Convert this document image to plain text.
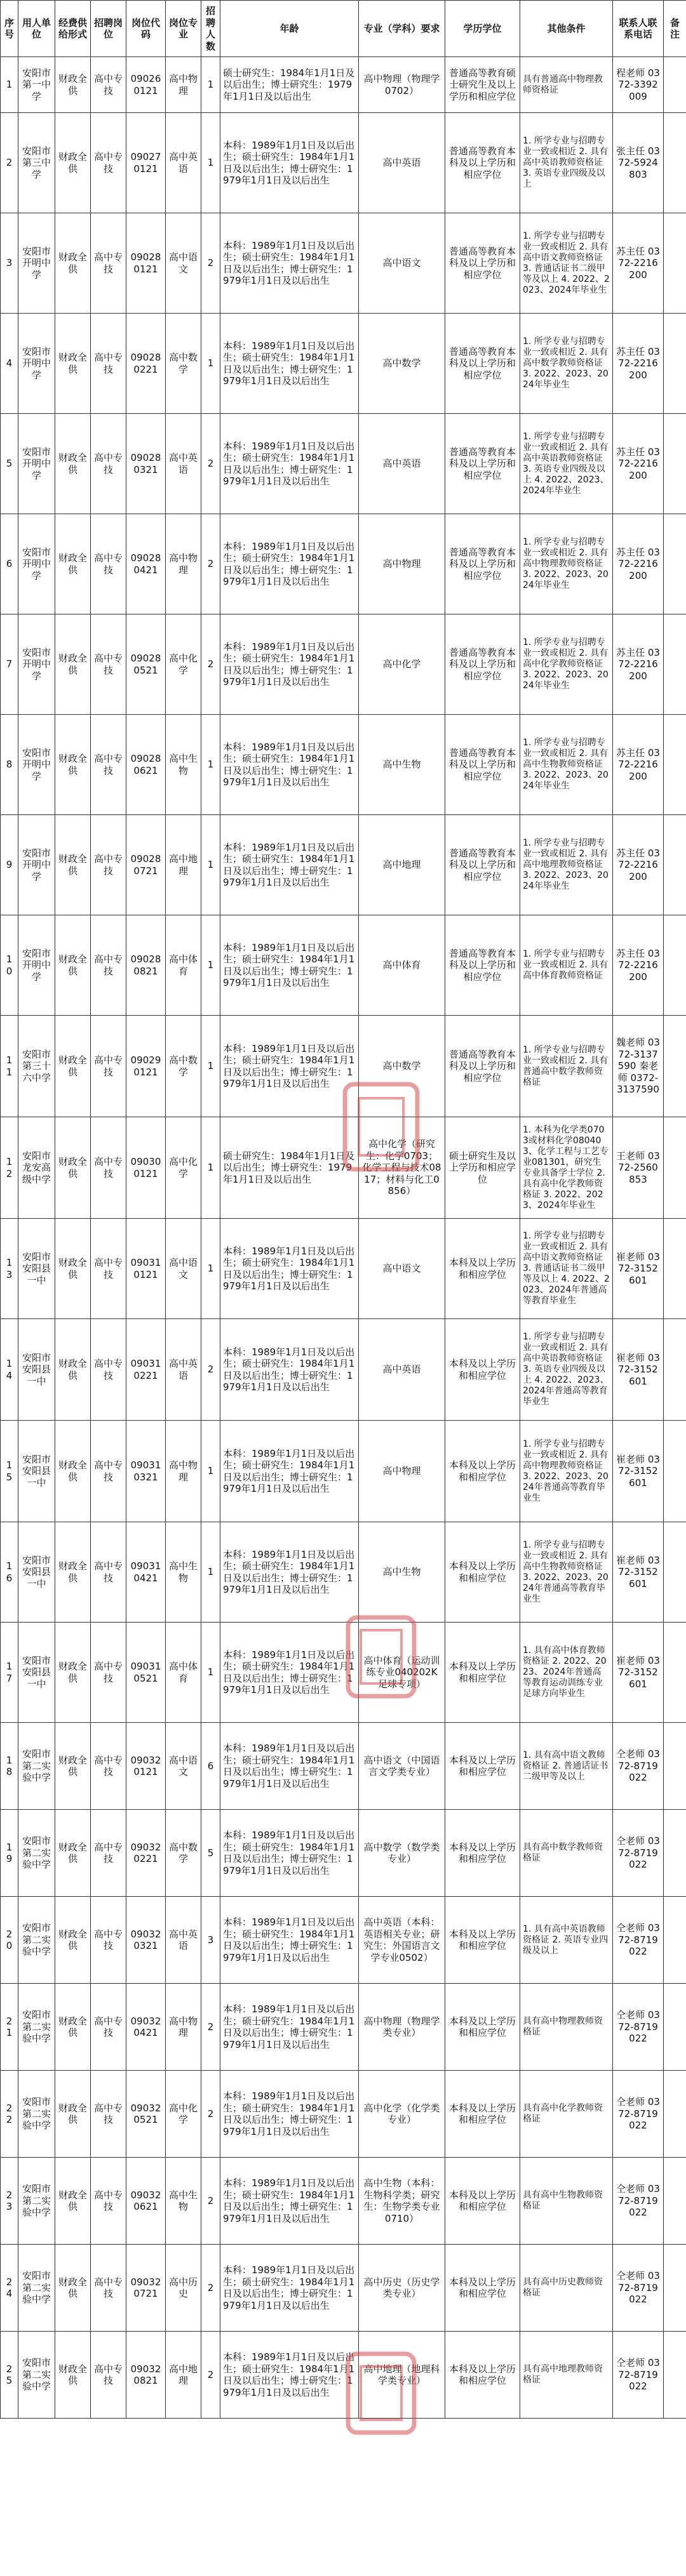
序号	用人单位	经费供给形式	招聘岗位	岗位代码	岗位专业	招聘人数	年龄	专业（学科）要求	学历学位	其他条件	联系人联系电话	备注
1	安阳市第一中学	财政全供	高中专技	09026 0121	高中物理	1	硕士研究生：1984年1月1日及以后出生；博士研究生：1979年1月1日及以后出生	高中物理（物理学0702）	普通高等教育硕士研究生及以上学历和相应学位	具有普通高中物理教师资格证	程老师 0372-3392009	
2	安阳市第三中学	财政全供	高中专技	09027 0121	高中英语	1	本科：1989年1月1日及以后出生；硕士研究生：1984年1月1日及以后出生；博士研究生：1979年1月1日及以后出生	高中英语	普通高等教育本科及以上学历和相应学位	1. 所学专业与招聘专业一致或相近 2. 具有高中英语教师资格证 3. 英语专业四级及以上	张主任 0372-5924803	
3	安阳市开明中学	财政全供	高中专技	09028 0121	高中语文	2	本科：1989年1月1日及以后出生；硕士研究生：1984年1月1日及以后出生；博士研究生：1979年1月1日及以后出生	高中语文	普通高等教育本科及以上学历和相应学位	1. 所学专业与招聘专业一致或相近 2. 具有高中语文教师资格证 3. 普通话证书二级甲等及以上 4. 2022、2023、2024年毕业生	苏主任 0372-2216200	
4	安阳市开明中学	财政全供	高中专技	09028 0221	高中数学	1	本科：1989年1月1日及以后出生；硕士研究生：1984年1月1日及以后出生；博士研究生：1979年1月1日及以后出生	高中数学	普通高等教育本科及以上学历和相应学位	1. 所学专业与招聘专业一致或相近 2. 具有高中数学教师资格证 3. 2022、2023、2024年毕业生	苏主任 0372-2216200	
5	安阳市开明中学	财政全供	高中专技	09028 0321	高中英语	2	本科：1989年1月1日及以后出生；硕士研究生：1984年1月1日及以后出生；博士研究生：1979年1月1日及以后出生	高中英语	普通高等教育本科及以上学历和相应学位	1. 所学专业与招聘专业一致或相近 2. 具有高中英语教师资格证 3. 英语专业四级及以上 4. 2022、2023、2024年毕业生	苏主任 0372-2216200	
6	安阳市开明中学	财政全供	高中专技	09028 0421	高中物理	2	本科：1989年1月1日及以后出生；硕士研究生：1984年1月1日及以后出生；博士研究生：1979年1月1日及以后出生	高中物理	普通高等教育本科及以上学历和相应学位	1. 所学专业与招聘专业一致或相近 2. 具有高中物理教师资格证 3. 2022、2023、2024年毕业生	苏主任 0372-2216200	
7	安阳市开明中学	财政全供	高中专技	09028 0521	高中化学	2	本科：1989年1月1日及以后出生；硕士研究生：1984年1月1日及以后出生；博士研究生：1979年1月1日及以后出生	高中化学	普通高等教育本科及以上学历和相应学位	1. 所学专业与招聘专业一致或相近 2. 具有高中化学教师资格证 3. 2022、2023、2024年毕业生	苏主任 0372-2216200	
8	安阳市开明中学	财政全供	高中专技	09028 0621	高中生物	1	本科：1989年1月1日及以后出生；硕士研究生：1984年1月1日及以后出生；博士研究生：1979年1月1日及以后出生	高中生物	普通高等教育本科及以上学历和相应学位	1. 所学专业与招聘专业一致或相近 2. 具有高中生物教师资格证 3. 2022、2023、2024年毕业生	苏主任 0372-2216200	
9	安阳市开明中学	财政全供	高中专技	09028 0721	高中地理	1	本科：1989年1月1日及以后出生；硕士研究生：1984年1月1日及以后出生；博士研究生：1979年1月1日及以后出生	高中地理	普通高等教育本科及以上学历和相应学位	1. 所学专业与招聘专业一致或相近 2. 具有高中地理教师资格证 3. 2022、2023、2024年毕业生	苏主任 0372-2216200	
10	安阳市开明中学	财政全供	高中专技	09028 0821	高中体育	1	本科：1989年1月1日及以后出生；硕士研究生：1984年1月1日及以后出生；博士研究生：1979年1月1日及以后出生	高中体育	普通高等教育本科及以上学历和相应学位	1. 所学专业与招聘专业一致或相近 2. 具有高中体育教师资格证	苏主任 0372-2216200	
11	安阳市第三十六中学	财政全供	高中专技	09029 0121	高中数学	1	本科：1989年1月1日及以后出生；硕士研究生：1984年1月1日及以后出生；博士研究生：1979年1月1日及以后出生	高中数学	普通高等教育本科及以上学历和相应学位	1. 所学专业与招聘专业一致或相近 2. 具有普通高中数学教师资格证	魏老师 0372-3137590 秦老师 0372-3137590	
12	安阳市龙安高级中学	财政全供	高中专技	09030 0121	高中化学	1	硕士研究生：1984年1月1日及以后出生；博士研究生：1979年1月1日及以后出生	高中化学（研究生：化学0703；化学工程与技术0817；材料与化工0856）	硕士研究生及以上学历和相应学位	1. 本科为化学类0703或材料化学080403、化学工程与工艺专业081301，研究生专业具备学士学位 2. 具有高中化学教师资格证 3. 2022、2023、2024年毕业生	王老师 0372-2560853	
13	安阳市安阳县一中	财政全供	高中专技	09031 0121	高中语文	1	本科：1989年1月1日及以后出生；硕士研究生：1984年1月1日及以后出生；博士研究生：1979年1月1日及以后出生	高中语文	本科及以上学历和相应学位	1. 所学专业与招聘专业一致或相近 2. 具有高中语文教师资格证 3. 普通话证书二级甲等及以上 4. 2022、2023、2024年普通高等教育毕业生	崔老师 0372-3152601	
14	安阳市安阳县一中	财政全供	高中专技	09031 0221	高中英语	2	本科：1989年1月1日及以后出生；硕士研究生：1984年1月1日及以后出生；博士研究生：1979年1月1日及以后出生	高中英语	本科及以上学历和相应学位	1. 所学专业与招聘专业一致或相近 2. 具有高中英语教师资格证 3. 英语专业四级及以上 4. 2022、2023、2024年普通高等教育毕业生	崔老师 0372-3152601	
15	安阳市安阳县一中	财政全供	高中专技	09031 0321	高中物理	1	本科：1989年1月1日及以后出生；硕士研究生：1984年1月1日及以后出生；博士研究生：1979年1月1日及以后出生	高中物理	本科及以上学历和相应学位	1. 所学专业与招聘专业一致或相近 2. 具有高中物理教师资格证 3. 2022、2023、2024年普通高等教育毕业生	崔老师 0372-3152601	
16	安阳市安阳县一中	财政全供	高中专技	09031 0421	高中生物	1	本科：1989年1月1日及以后出生；硕士研究生：1984年1月1日及以后出生；博士研究生：1979年1月1日及以后出生	高中生物	本科及以上学历和相应学位	1. 所学专业与招聘专业一致或相近 2. 具有高中生物教师资格证 3. 2022、2023、2024年普通高等教育毕业生	崔老师 0372-3152601	
17	安阳市安阳县一中	财政全供	高中专技	09031 0521	高中体育	1	本科：1989年1月1日及以后出生；硕士研究生：1984年1月1日及以后出生；博士研究生：1979年1月1日及以后出生	高中体育（运动训练专业040202K足球专项）	本科及以上学历和相应学位	1. 具有高中体育教师资格证 2. 2022、2023、2024年普通高等教育运动训练专业足球方向毕业生	崔老师 0372-3152601	
18	安阳市第二实验中学	财政全供	高中专技	09032 0121	高中语文	6	本科：1989年1月1日及以后出生；硕士研究生：1984年1月1日及以后出生；博士研究生：1979年1月1日及以后出生	高中语文（中国语言文学类专业）	本科及以上学历和相应学位	1. 具有高中语文教师资格证 2. 普通话证书二级甲等及以上	仝老师 0372-8719022	
19	安阳市第二实验中学	财政全供	高中专技	09032 0221	高中数学	5	本科：1989年1月1日及以后出生；硕士研究生：1984年1月1日及以后出生；博士研究生：1979年1月1日及以后出生	高中数学（数学类专业）	本科及以上学历和相应学位	具有高中数学教师资格证	仝老师 0372-8719022	
20	安阳市第二实验中学	财政全供	高中专技	09032 0321	高中英语	3	本科：1989年1月1日及以后出生；硕士研究生：1984年1月1日及以后出生；博士研究生：1979年1月1日及以后出生	高中英语（本科：英语相关专业；研究生：外国语言文学专业0502）	本科及以上学历和相应学位	1. 具有高中英语教师资格证 2. 英语专业四级及以上	仝老师 0372-8719022	
21	安阳市第二实验中学	财政全供	高中专技	09032 0421	高中物理	2	本科：1989年1月1日及以后出生；硕士研究生：1984年1月1日及以后出生；博士研究生：1979年1月1日及以后出生	高中物理（物理学类专业）	本科及以上学历和相应学位	具有高中物理教师资格证	仝老师 0372-8719022	
22	安阳市第二实验中学	财政全供	高中专技	09032 0521	高中化学	2	本科：1989年1月1日及以后出生；硕士研究生：1984年1月1日及以后出生；博士研究生：1979年1月1日及以后出生	高中化学（化学类专业）	本科及以上学历和相应学位	具有高中化学教师资格证	仝老师 0372-8719022	
23	安阳市第二实验中学	财政全供	高中专技	09032 0621	高中生物	2	本科：1989年1月1日及以后出生；硕士研究生：1984年1月1日及以后出生；博士研究生：1979年1月1日及以后出生	高中生物（本科：生物科学类；研究生：生物学类专业0710）	本科及以上学历和相应学位	具有高中生物教师资格证	仝老师 0372-8719022	
24	安阳市第二实验中学	财政全供	高中专技	09032 0721	高中历史	2	本科：1989年1月1日及以后出生；硕士研究生：1984年1月1日及以后出生；博士研究生：1979年1月1日及以后出生	高中历史（历史学类专业）	本科及以上学历和相应学位	具有高中历史教师资格证	仝老师 0372-8719022	
25	安阳市第二实验中学	财政全供	高中专技	09032 0821	高中地理	2	本科：1989年1月1日及以后出生；硕士研究生：1984年1月1日及以后出生；博士研究生：1979年1月1日及以后出生	高中地理（地理科学类专业）	本科及以上学历和相应学位	具有高中地理教师资格证	仝老师 0372-8719022	
